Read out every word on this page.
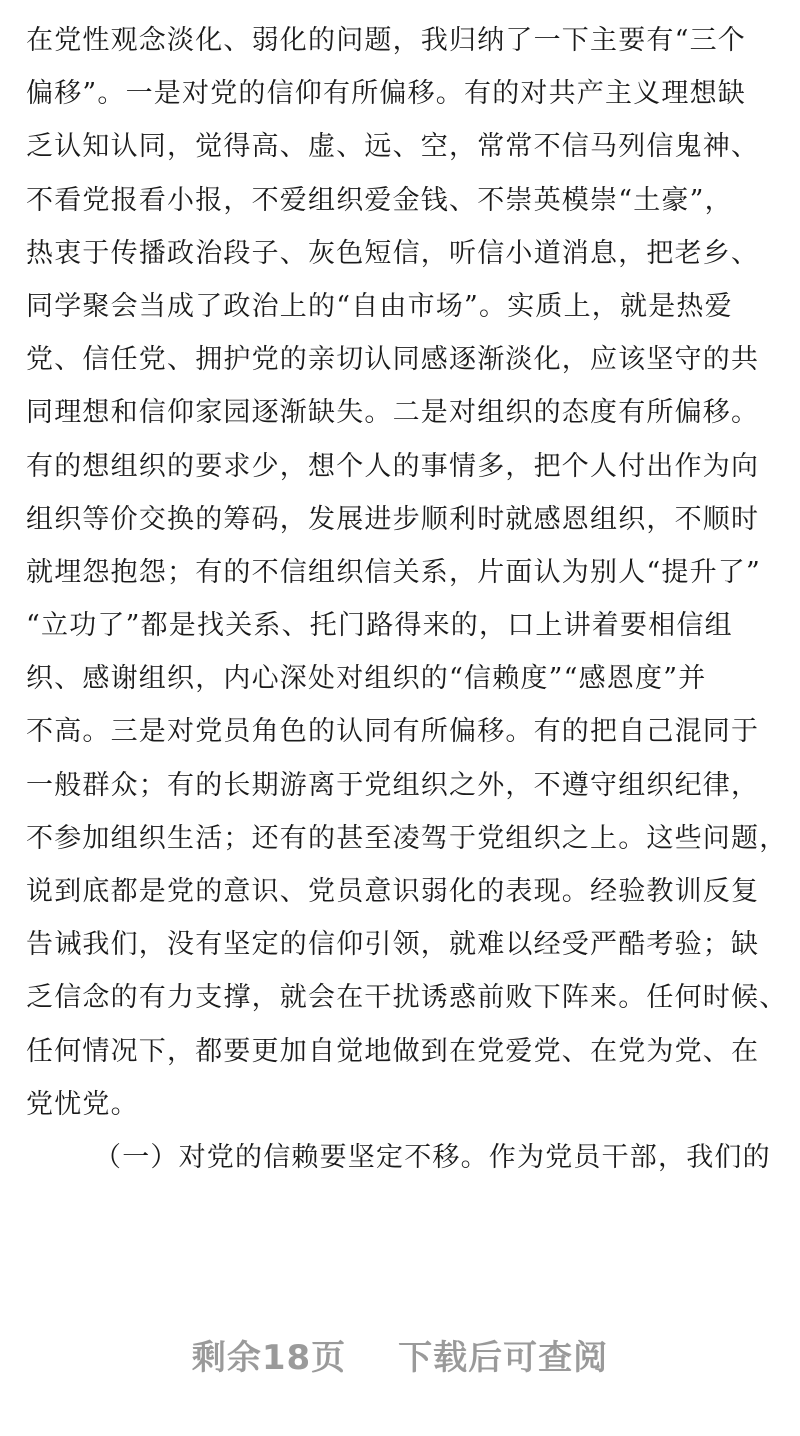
在党性观念淡化、弱化的问题，我归纳了一下主要有“三个
偏移”。一是对党的信仰有所偏移。有的对共产主义理想缺
乏认知认同，觉得高、虚、远、空，常常不信马列信鬼神、
不看党报看小报，不爱组织爱金钱、不崇英模崇“土豪”，
热衷于传播政治段子、灰色短信，听信小道消息，把老乡、
同学聚会当成了政治上的“自由市场”。实质上，就是热爱
党、信任党、拥护党的亲切认同感逐渐淡化，应该坚守的共
同理想和信仰家园逐渐缺失。二是对组织的态度有所偏移。
有的想组织的要求少，想个人的事情多，把个人付出作为向
组织等价交换的筹码，发展进步顺利时就感恩组织，不顺时
就埋怨抱怨；有的不信组织信关系，片面认为别人“提升了”
“立功了”都是找关系、托门路得来的，口上讲着要相信组
织、感谢组织，内心深处对组织的“信赖度”“感恩度”并
不高。三是对党员角色的认同有所偏移。有的把自己混同于
一般群众；有的长期游离于党组织之外，不遵守组织纪律，
不参加组织生活；还有的甚至凌驾于党组织之上。这些问题，
说到底都是党的意识、党员意识弱化的表现。经验教训反复
告诫我们，没有坚定的信仰引领，就难以经受严酷考验；缺
乏信念的有力支撑，就会在干扰诱惑前败下阵来。任何时候、
任何情况下，都要更加自觉地做到在党爱党、在党为党、在
党忧党。
（一）对党的信赖要坚定不移。作为党员干部，我们的
剩余18页 下载后可查阅
